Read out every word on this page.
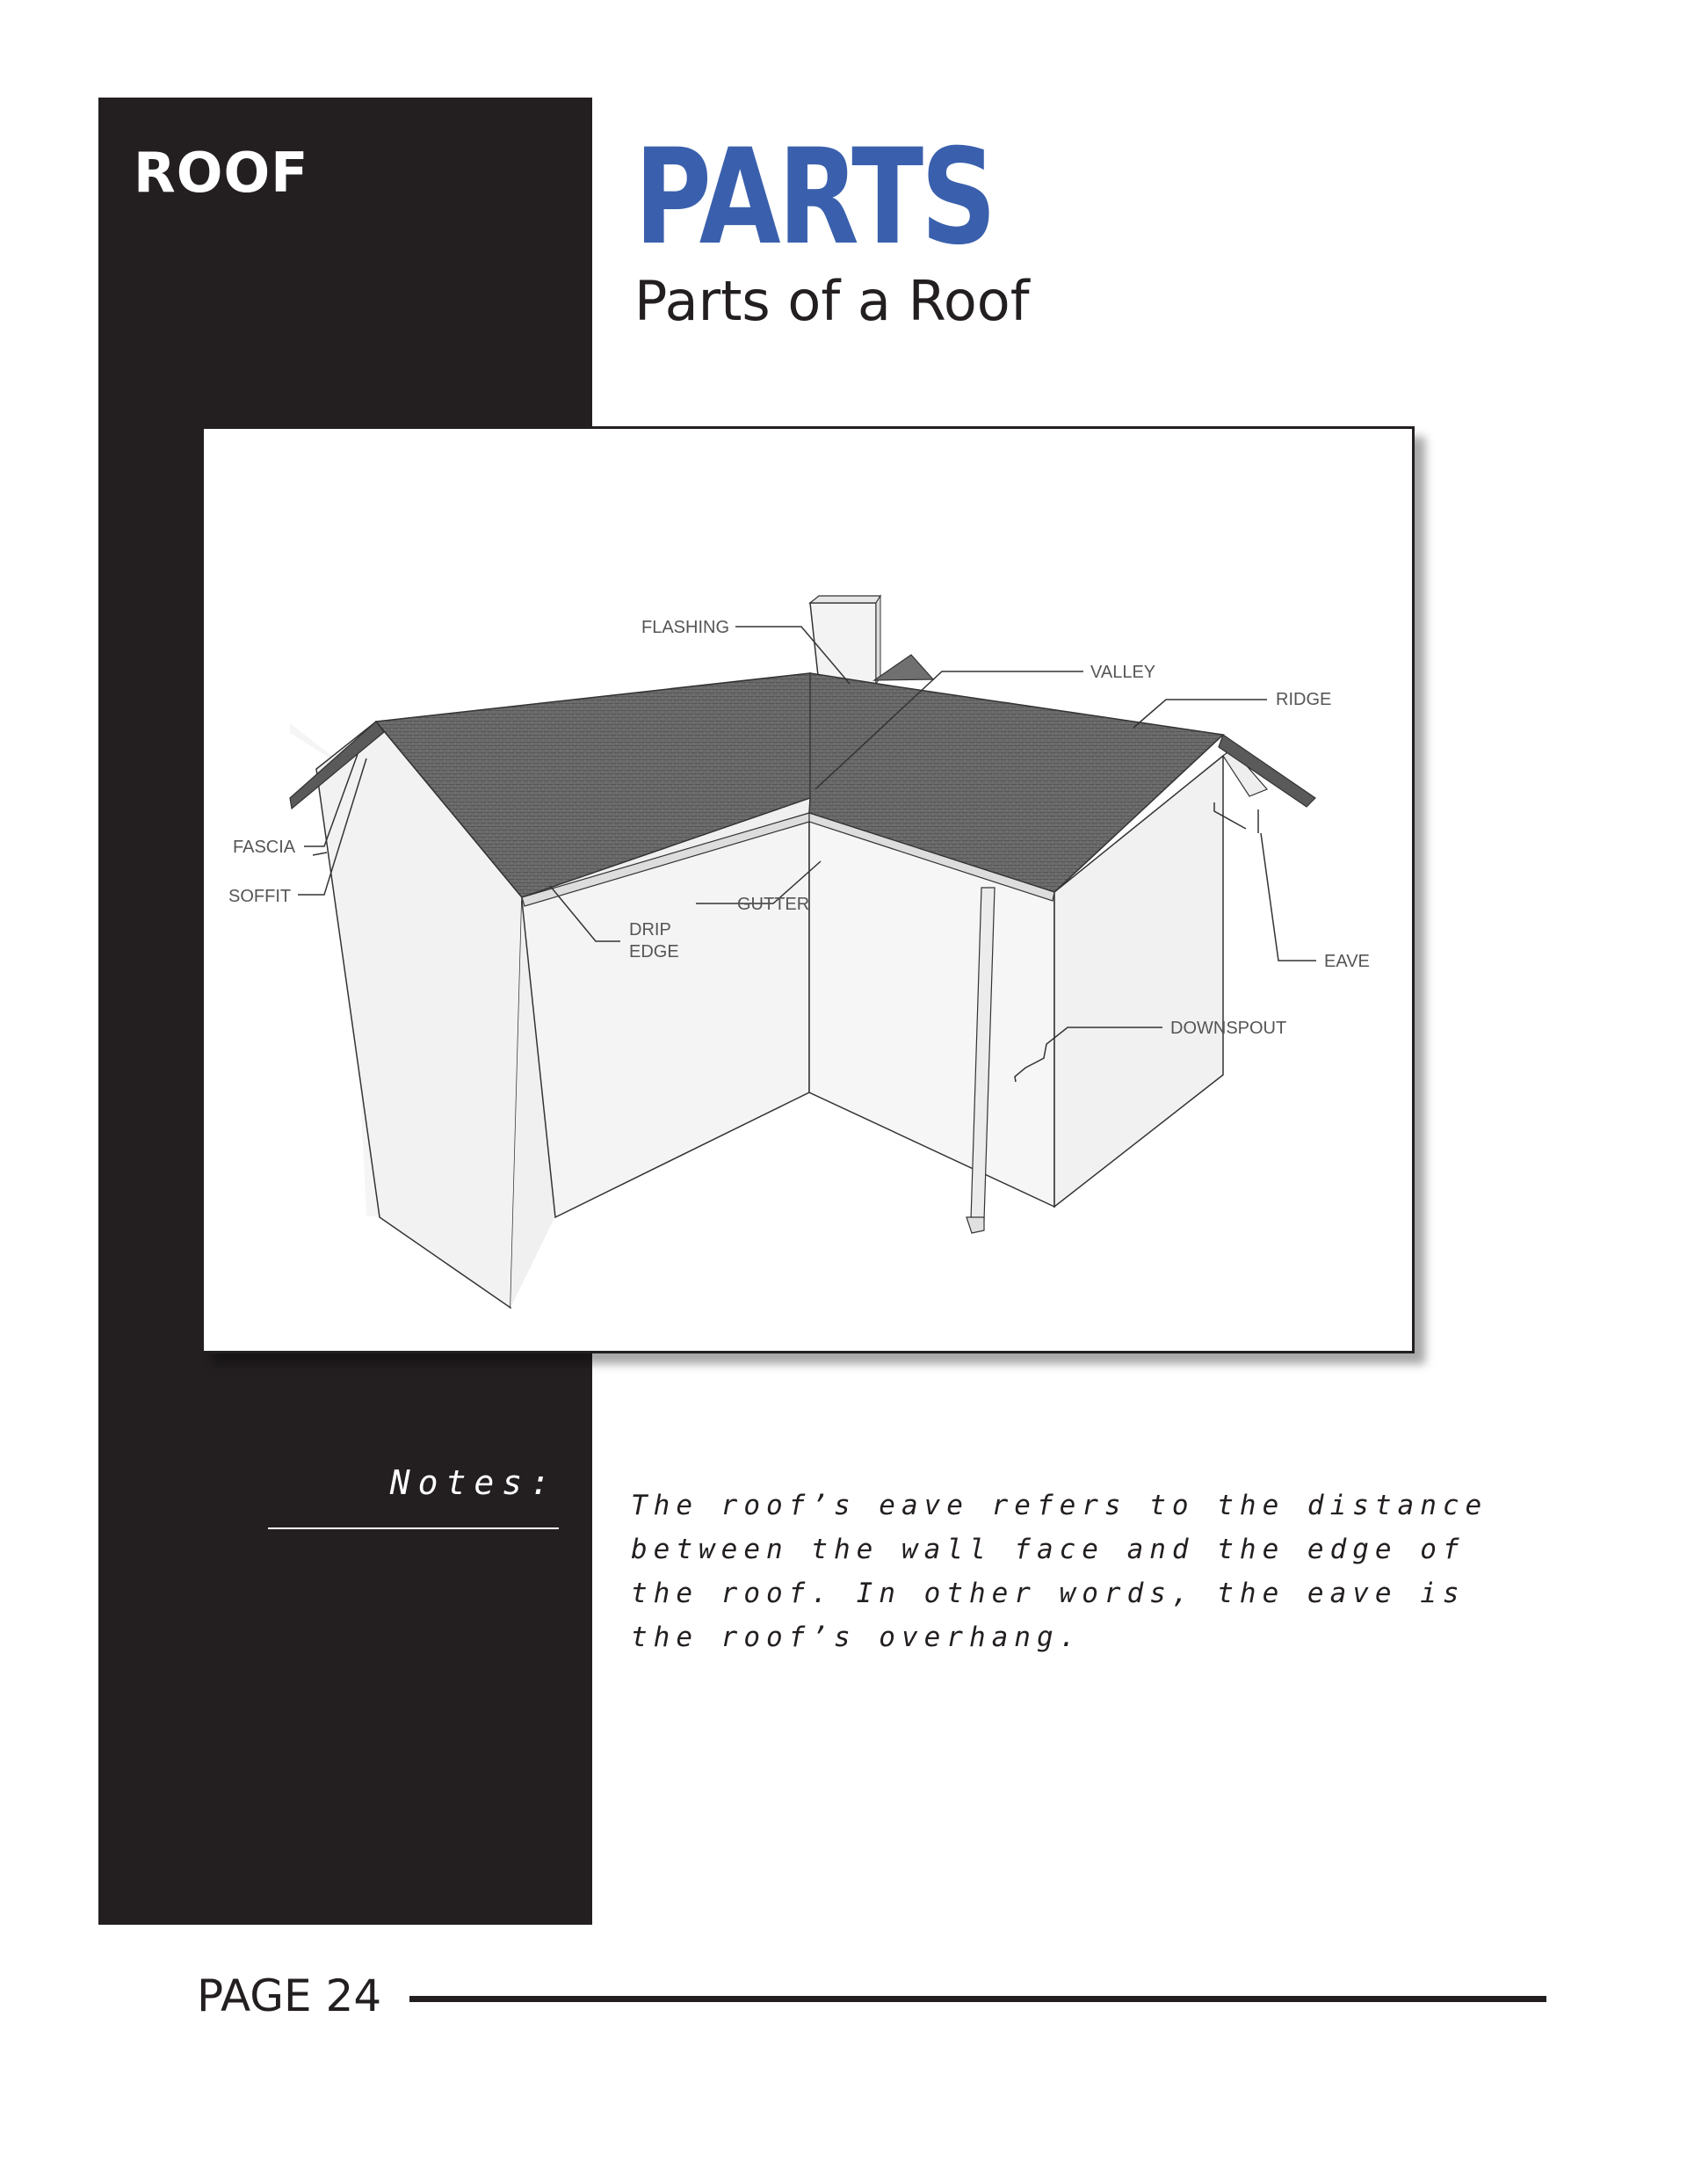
ROOF PARTS
Parts of a Roof
FLASHING
VALLEY
RIDGE
FASCIA
SOFFIT	GUTTER
DRIP
EDGE	EAVE
DOWNSPOUT
Notes:

The roof’s eave refers to the distance between the wall face and the edge of the roof. In other words, the eave is the roof’s overhang.

PAGE 24
